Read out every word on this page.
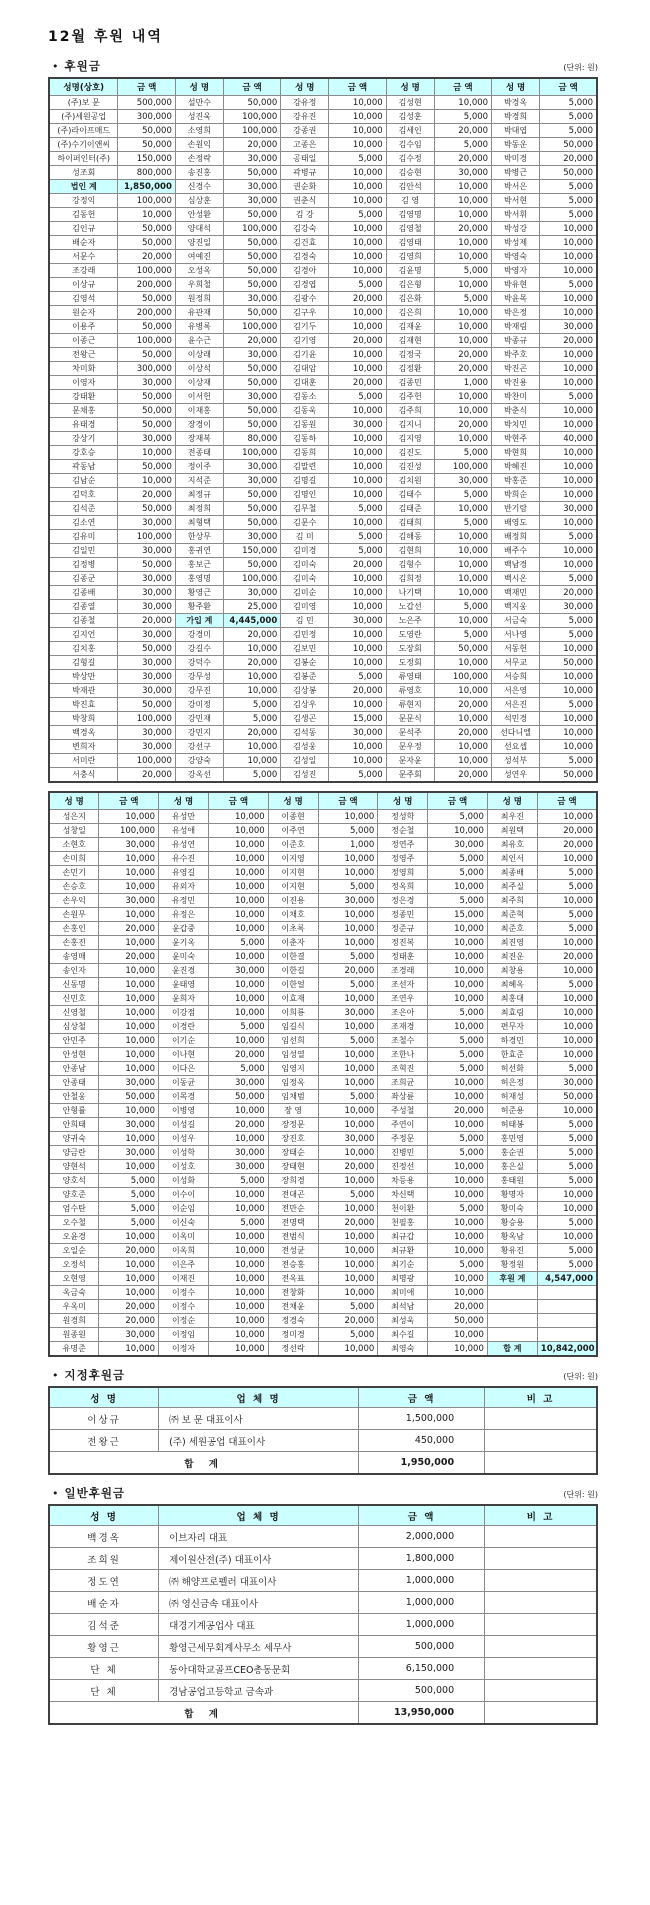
12월 후원 내역
• 후원금	(단위: 원)
성명(상호)	금 액	성 명	금 액	성 명	금 액	성 명	금 액	성 명	금 액
(주)보 문	500,000	설만수	50,000	강유정	10,000	김성현	10,000	박경옥	5,000
(주)세원공업	300,000	성진욱	100,000	강유진	10,000	김성훈	5,000	박경희	5,000
(주)라이프매드	50,000	소영희	100,000	강종권	10,000	김세인	20,000	박대엽	5,000
(주)수기이앤씨	50,000	손원익	20,000	고종은	10,000	김수임	5,000	박동운	50,000
하이퍼인터(주)	150,000	손정락	30,000	공태일	5,000	김수정	20,000	박미경	20,000
성조회	800,000	송진홍	50,000	곽병규	10,000	김승현	30,000	박병근	50,000
법인 계	1,850,000	신경수	30,000	권순화	10,000	김안석	10,000	박서은	5,000
강정익	100,000	심상훈	30,000	권춘식	10,000	김 영	10,000	박서현	5,000
김동헌	10,000	안성환	50,000	김 강	5,000	김영명	10,000	박서휘	5,000
김인규	50,000	양대석	100,000	김강숙	10,000	김영철	20,000	박성강	10,000
배순자	50,000	양진일	50,000	김건효	10,000	김영태	10,000	박성제	10,000
서문수	20,000	여예진	50,000	김경숙	10,000	김영희	10,000	박영숙	10,000
조강래	100,000	오성옥	50,000	김경아	10,000	김윤명	5,000	박영자	10,000
이상규	200,000	우희철	50,000	김경엽	5,000	김은형	10,000	박유현	5,000
김영석	50,000	원정희	30,000	김광수	20,000	김은화	5,000	박윤목	10,000
원순자	200,000	유관재	50,000	김구우	10,000	김은희	10,000	박은정	10,000
이용주	50,000	유병록	100,000	김기두	10,000	김재윤	10,000	박재림	30,000
이종근	100,000	윤수근	20,000	김기영	20,000	김재현	10,000	박종규	20,000
전왕근	50,000	이상래	30,000	김기윤	10,000	김정국	20,000	박주호	10,000
차미화	300,000	이상석	50,000	김대암	10,000	김정환	20,000	박진곤	10,000
이영자	30,000	이상재	50,000	김대훈	20,000	김종민	1,000	박진용	10,000
강태환	50,000	이서헌	30,000	김동소	5,000	김주헌	10,000	박찬미	5,000
문채홍	50,000	이재홍	50,000	김동욱	10,000	김주희	10,000	박춘식	10,000
유태경	50,000	장경이	50,000	김동원	30,000	김지니	20,000	박치민	10,000
강상기	30,000	장재복	80,000	김동하	10,000	김지영	10,000	박현주	40,000
강호승	10,000	전종태	100,000	김동희	10,000	김진도	5,000	박현희	10,000
곽동남	50,000	정이주	30,000	김말련	10,000	김진성	100,000	박혜진	10,000
김남순	10,000	지석준	30,000	김명길	10,000	김치원	30,000	박홍준	10,000
김덕호	20,000	최정규	50,000	김명인	10,000	김태수	5,000	박희순	10,000
김석준	50,000	최정희	50,000	김무철	5,000	김태준	10,000	반기람	30,000
김소연	30,000	최형택	50,000	김문수	10,000	김태희	5,000	배영도	10,000
김유미	100,000	한상무	30,000	김 미	5,000	김해동	10,000	배정희	5,000
김일민	30,000	홍귀연	150,000	김미경	5,000	김현희	10,000	배주수	10,000
김정병	50,000	홍보근	50,000	김미숙	20,000	김형수	10,000	백남경	10,000
김종군	30,000	홍영명	100,000	김미숙	10,000	김희정	10,000	백시온	5,000
김종배	30,000	황영근	30,000	김미순	10,000	나기택	10,000	백재민	20,000
김종열	30,000	황주환	25,000	김미영	10,000	노갑선	5,000	백지웅	30,000
김종철	20,000	가입 계	4,445,000	김 민	30,000	노은주	10,000	서금숙	5,000
김지언	30,000	강경미	20,000	김민정	10,000	도영란	5,000	서나영	5,000
김치홍	50,000	강길수	10,000	김보민	10,000	도장회	50,000	서동헌	10,000
김형길	30,000	강덕수	20,000	김봉순	10,000	도정회	10,000	서무교	50,000
박상만	30,000	강무성	10,000	김봉준	5,000	류영태	100,000	서승희	10,000
박재관	30,000	강무진	10,000	김상봉	20,000	류영호	10,000	서은영	10,000
박진효	50,000	강미정	5,000	김상우	10,000	류현지	20,000	서은진	5,000
박창희	100,000	강민재	5,000	김생곤	15,000	문문식	10,000	석민경	10,000
백경옥	30,000	강민지	20,000	김석동	30,000	문석주	20,000	선다니엘	10,000
변희자	30,000	강선구	10,000	김성웅	10,000	문우정	10,000	선요셉	10,000
서미란	100,000	강양숙	10,000	김성일	10,000	문자윤	10,000	성석부	5,000
서충식	20,000	강옥선	5,000	김성진	5,000	문주회	20,000	성연우	50,000
성 명	금 액	성 명	금 액	성 명	금 액	성 명	금 액	성 명	금 액
성은지	10,000	유성만	10,000	이종현	10,000	정성학	5,000	최우진	10,000
성창일	100,000	유성애	10,000	이주연	5,000	정순철	10,000	최원택	20,000
소현호	30,000	유성연	10,000	이준호	1,000	정연주	30,000	최유호	20,000
손미희	10,000	유수진	10,000	이지영	10,000	정영주	5,000	최인서	10,000
손민기	10,000	유영길	10,000	이지현	10,000	정영희	5,000	최종배	5,000
손승호	10,000	유외자	10,000	이지현	5,000	정옥희	10,000	최주실	5,000
손우익	30,000	유정민	10,000	이진용	30,000	정은경	5,000	최주희	10,000
손원무	10,000	유정은	10,000	이채호	10,000	정종민	15,000	최준혁	5,000
손홍인	20,000	윤갑중	10,000	이초록	10,000	정준규	10,000	최준호	5,000
손홍진	10,000	윤기옥	5,000	이춘자	10,000	정진복	10,000	최진영	10,000
송영매	20,000	윤미숙	10,000	이한결	5,000	정태훈	10,000	최진운	20,000
송인자	10,000	윤진경	30,000	이한길	20,000	조경래	10,000	최창용	10,000
신동명	10,000	윤태영	10,000	이한얼	5,000	조선자	10,000	최혜옥	5,000
신민호	10,000	윤희자	10,000	이효재	10,000	조연우	10,000	최홍대	10,000
신영철	10,000	이강점	10,000	이희룡	30,000	조은아	5,000	최효림	10,000
심상철	10,000	이경란	5,000	임길식	10,000	조재경	10,000	편무자	10,000
안민주	10,000	이기순	10,000	임선희	5,000	조철수	5,000	하경민	10,000
안성현	10,000	이나현	20,000	임성열	10,000	조한나	5,000	한효준	10,000
안종남	10,000	이다은	5,000	임영지	10,000	조혁진	5,000	허선화	5,000
안종태	30,000	이동균	30,000	임정옥	10,000	조희균	10,000	허은정	30,000
안철웅	50,000	이목경	50,000	임채범	5,000	좌상륜	10,000	허재성	50,000
안형률	10,000	이병영	10,000	장 영	10,000	주성철	20,000	허준용	10,000
안희태	30,000	이성길	20,000	장정문	10,000	주연이	10,000	허태봉	5,000
양귀숙	10,000	이성우	10,000	장진호	30,000	주정문	5,000	홍민영	5,000
양금란	30,000	이성학	30,000	장태순	10,000	진병민	5,000	홍순권	5,000
양현석	10,000	이성호	30,000	장태현	20,000	진정선	10,000	홍은실	5,000
양호석	5,000	이성화	5,000	장희경	10,000	차등용	10,000	홍태원	5,000
양호준	5,000	이수이	10,000	전대곤	5,000	차신택	10,000	황명자	10,000
엄수탄	5,000	이순임	10,000	전만순	10,000	천이환	5,000	황미숙	10,000
오수철	5,000	이신숙	5,000	전명택	20,000	천필홍	10,000	황승용	5,000
오윤경	10,000	이옥미	10,000	전범식	10,000	최규갑	10,000	황옥남	10,000
오일순	20,000	이옥희	10,000	전성균	10,000	최규환	10,000	황유진	5,000
오정석	10,000	이은주	10,000	전승홍	10,000	최기순	5,000	황정원	5,000
오현영	10,000	이재진	10,000	전옥표	10,000	최명광	10,000	후원 계	4,547,000
옥금숙	10,000	이정수	10,000	전창화	10,000	최미애	10,000		
우옥미	20,000	이정수	10,000	전채윤	5,000	최석남	20,000		
원경희	20,000	이정순	10,000	정경숙	20,000	최성욱	50,000		
원종원	30,000	이정임	10,000	정미경	5,000	최수길	10,000		
유명준	10,000	이정자	10,000	정선락	10,000	최영숙	10,000	합 계	10,842,000
• 지정후원금	(단위: 원)
성 명	업 체 명	금 액	비 고
이상규	㈜ 보 문 대표이사	1,500,000	
전왕근	(주) 세원공업 대표이사	450,000	
합 계		1,950,000	
• 일반후원금	(단위: 원)
성 명	업 체 명	금 액	비 고
백경옥	이브자리 대표	2,000,000	
조희원	제이원산전(주) 대표이사	1,800,000	
정도연	㈜ 해양프로펠러 대표이사	1,000,000	
배순자	㈜ 영신금속 대표이사	1,000,000	
김석준	대경기계공업사 대표	1,000,000	
황영근	황영근세무회계사무소 세무사	500,000	
단 체	동아대학교골프CEO총동문회	6,150,000	
단 체	경남공업고등학교 금속과	500,000	
합 계		13,950,000	
